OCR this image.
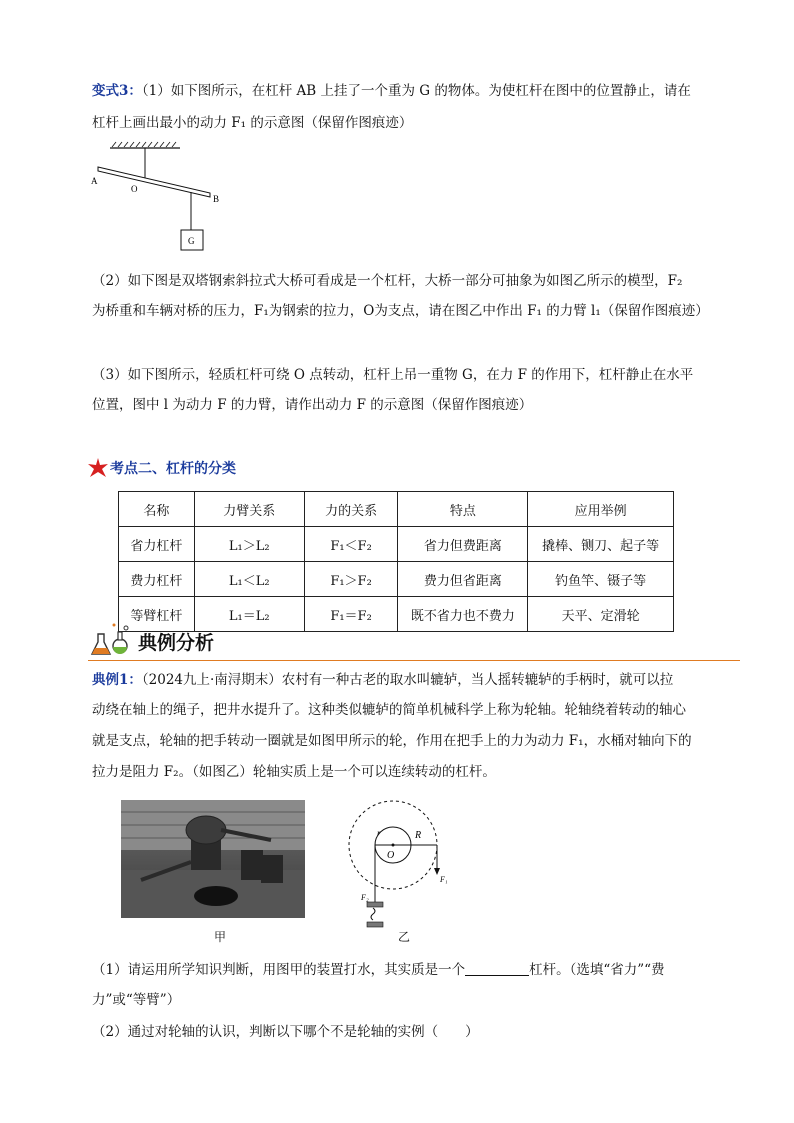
变式3：（1）如下图所示，在杠杆 AB 上挂了一个重为 G 的物体。为使杠杆在图中的位置静止，请在
杠杆上画出最小的动力 F₁ 的示意图（保留作图痕迹）
A
O
B
G
（2）如下图是双塔钢索斜拉式大桥可看成是一个杠杆，大桥一部分可抽象为如图乙所示的模型，F₂
为桥重和车辆对桥的压力，F₁为钢索的拉力，O为支点，请在图乙中作出 F₁ 的力臂 l₁（保留作图痕迹）
（3）如下图所示，轻质杠杆可绕 O 点转动，杠杆上吊一重物 G，在力 F 的作用下，杠杆静止在水平
位置，图中 l 为动力 F 的力臂，请作出动力 F 的示意图（保留作图痕迹）
考点二、杠杆的分类
名称	力臂关系	力的关系	特点	应用举例
省力杠杆	L₁＞L₂	F₁＜F₂	省力但费距离	撬棒、铡刀、起子等
费力杠杆	L₁＜L₂	F₁＞F₂	费力但省距离	钓鱼竿、镊子等
等臂杠杆	L₁＝L₂	F₁＝F₂	既不省力也不费力	天平、定滑轮
典例分析
典例1：（2024九上·南浔期末）农村有一种古老的取水叫辘轳，当人摇转辘轳的手柄时，就可以拉
动绕在轴上的绳子，把井水提升了。这种类似辘轳的简单机械科学上称为轮轴。轮轴绕着转动的轴心
就是支点，轮轴的把手转动一圈就是如图甲所示的轮，作用在把手上的力为动力 F₁，水桶对轴向下的
拉力是阻力 F₂。（如图乙）轮轴实质上是一个可以连续转动的杠杆。
甲
r	R
O
F₁
F₂
乙
（1）请运用所学知识判断，用图甲的装置打水，其实质是一个	杠杆。（选填“省力”“费
力”或“等臂”）
（2）通过对轮轴的认识，判断以下哪个不是轮轴的实例（　　）
